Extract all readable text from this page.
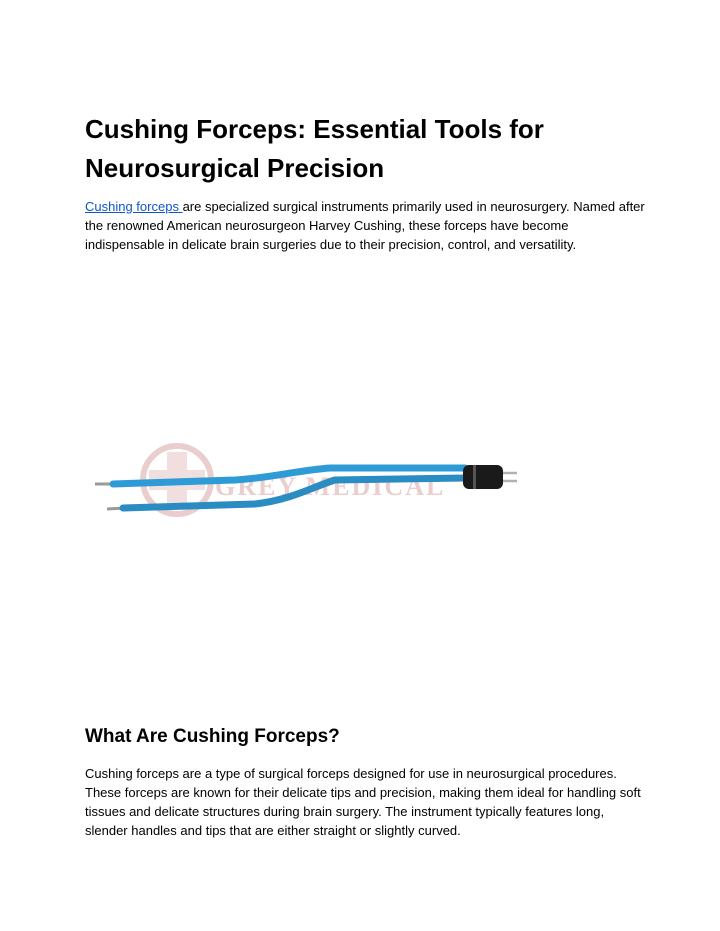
Cushing Forceps: Essential Tools for Neurosurgical Precision

Cushing forceps are specialized surgical instruments primarily used in neurosurgery. Named after the renowned American neurosurgeon Harvey Cushing, these forceps have become indispensable in delicate brain surgeries due to their precision, control, and versatility.

GREY MEDICAL
What Are Cushing Forceps?

Cushing forceps are a type of surgical forceps designed for use in neurosurgical procedures. These forceps are known for their delicate tips and precision, making them ideal for handling soft tissues and delicate structures during brain surgery. The instrument typically features long, slender handles and tips that are either straight or slightly curved.
